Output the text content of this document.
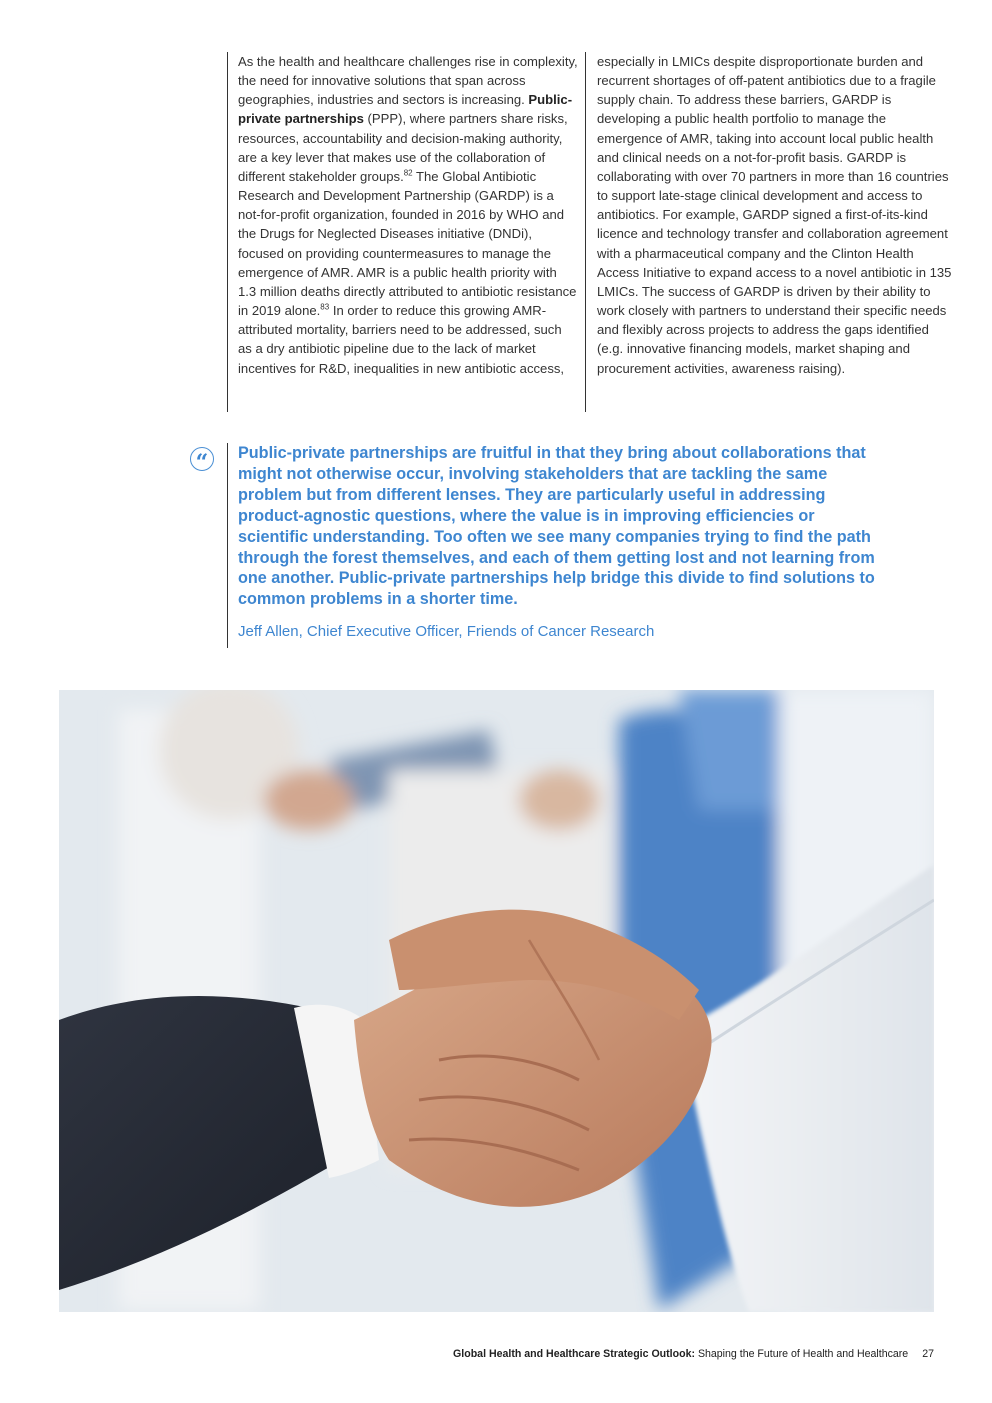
As the health and healthcare challenges rise in complexity, the need for innovative solutions that span across geographies, industries and sectors is increasing. Public-private partnerships (PPP), where partners share risks, resources, accountability and decision-making authority, are a key lever that makes use of the collaboration of different stakeholder groups.$^{82}$ The Global Antibiotic Research and Development Partnership (GARDP) is a not-for-profit organization, founded in 2016 by WHO and the Drugs for Neglected Diseases initiative (DNDi), focused on providing countermeasures to manage the emergence of AMR. AMR is a public health priority with 1.3 million deaths directly attributed to antibiotic resistance in 2019 alone.$^{83}$ In order to reduce this growing AMR-attributed mortality, barriers need to be addressed, such as a dry antibiotic pipeline due to the lack of market incentives for R&D, inequalities in new antibiotic access,

especially in LMICs despite disproportionate burden and recurrent shortages of off-patent antibiotics due to a fragile supply chain. To address these barriers, GARDP is developing a public health portfolio to manage the emergence of AMR, taking into account local public health and clinical needs on a not-for-profit basis. GARDP is collaborating with over 70 partners in more than 16 countries to support late-stage clinical development and access to antibiotics. For example, GARDP signed a first-of-its-kind licence and technology transfer and collaboration agreement with a pharmaceutical company and the Clinton Health Access Initiative to expand access to a novel antibiotic in 135 LMICs. The success of GARDP is driven by their ability to work closely with partners to understand their specific needs and flexibly across projects to address the gaps identified (e.g. innovative financing models, market shaping and procurement activities, awareness raising).

“	Public-private partnerships are fruitful in that they bring about collaborations that might not otherwise occur, involving stakeholders that are tackling the same problem but from different lenses. They are particularly useful in addressing product-agnostic questions, where the value is in improving efficiencies or scientific understanding. Too often we see many companies trying to find the path through the forest themselves, and each of them getting lost and not learning from one another. Public-private partnerships help bridge this divide to find solutions to common problems in a shorter time.

Jeff Allen, Chief Executive Officer, Friends of Cancer Research

Global Health and Healthcare Strategic Outlook: Shaping the Future of Health and Healthcare 27
